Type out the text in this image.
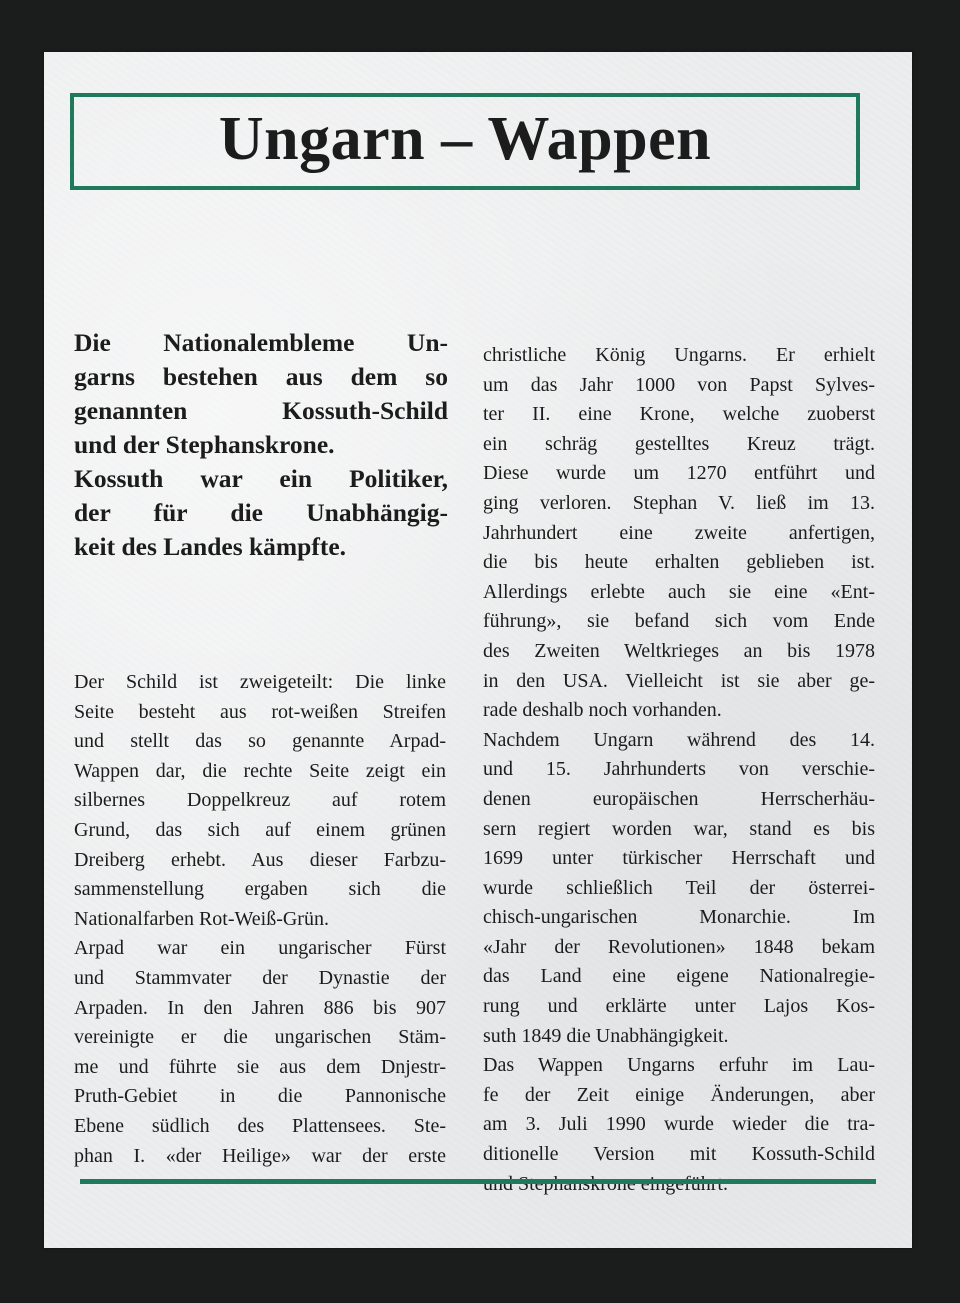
Ungarn – Wappen
Die Nationalembleme Un-
garns bestehen aus dem so
genannten Kossuth-Schild
und der Stephanskrone.
Kossuth war ein Politiker,
der für die Unabhängig-
keit des Landes kämpfte.
Der Schild ist zweigeteilt: Die linke
Seite besteht aus rot-weißen Streifen
und stellt das so genannte Arpad-
Wappen dar, die rechte Seite zeigt ein
silbernes Doppelkreuz auf rotem
Grund, das sich auf einem grünen
Dreiberg erhebt. Aus dieser Farbzu-
sammenstellung ergaben sich die
Nationalfarben Rot-Weiß-Grün.
Arpad war ein ungarischer Fürst
und Stammvater der Dynastie der
Arpaden. In den Jahren 886 bis 907
vereinigte er die ungarischen Stäm-
me und führte sie aus dem Dnjestr-
Pruth-Gebiet in die Pannonische
Ebene südlich des Plattensees. Ste-
phan I. «der Heilige» war der erste
christliche König Ungarns. Er erhielt
um das Jahr 1000 von Papst Sylves-
ter II. eine Krone, welche zuoberst
ein schräg gestelltes Kreuz trägt.
Diese wurde um 1270 entführt und
ging verloren. Stephan V. ließ im 13.
Jahrhundert eine zweite anfertigen,
die bis heute erhalten geblieben ist.
Allerdings erlebte auch sie eine «Ent-
führung», sie befand sich vom Ende
des Zweiten Weltkrieges an bis 1978
in den USA. Vielleicht ist sie aber ge-
rade deshalb noch vorhanden.
Nachdem Ungarn während des 14.
und 15. Jahrhunderts von verschie-
denen europäischen Herrscherhäu-
sern regiert worden war, stand es bis
1699 unter türkischer Herrschaft und
wurde schließlich Teil der österrei-
chisch-ungarischen Monarchie. Im
«Jahr der Revolutionen» 1848 bekam
das Land eine eigene Nationalregie-
rung und erklärte unter Lajos Kos-
suth 1849 die Unabhängigkeit.
Das Wappen Ungarns erfuhr im Lau-
fe der Zeit einige Änderungen, aber
am 3. Juli 1990 wurde wieder die tra-
ditionelle Version mit Kossuth-Schild
